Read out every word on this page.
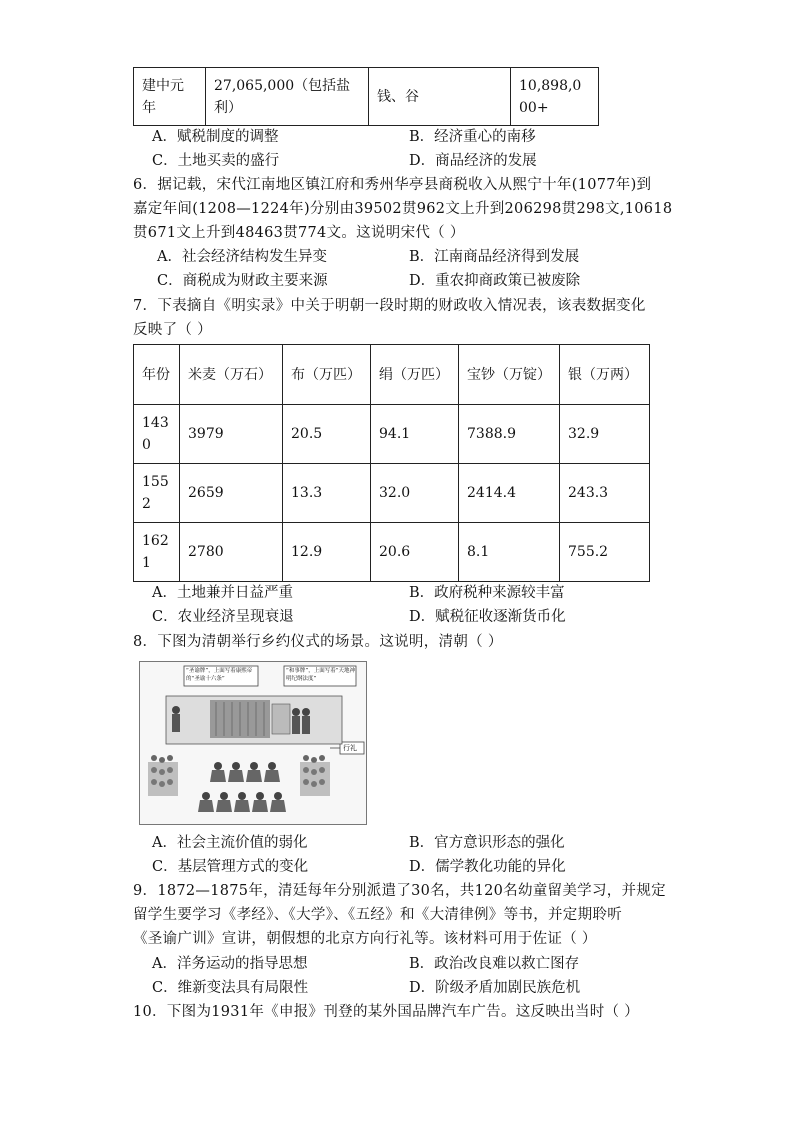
建中元年	27,065,000（包括盐利）	钱、谷	10,898,000+
A．赋税制度的调整	B．经济重心的南移
C．土地买卖的盛行	D．商品经济的发展
6．据记载，宋代江南地区镇江府和秀州华亭县商税收入从熙宁十年(1077年)到
嘉定年间(1208—1224年)分别由39502贯962文上升到206298贯298文,10618
贯671文上升到48463贯774文。这说明宋代（ ）
A．社会经济结构发生异变	B．江南商品经济得到发展
C．商税成为财政主要来源	D．重农抑商政策已被废除
7．下表摘自《明实录》中关于明朝一段时期的财政收入情况表，该表数据变化
反映了（ ）
年份	米麦（万石）	布（万匹）	绢（万匹）	宝钞（万锭）	银（万两）
1430	3979	20.5	94.1	7388.9	32.9
1552	2659	13.3	32.0	2414.4	243.3
1621	2780	12.9	20.6	8.1	755.2
A．土地兼并日益严重	B．政府税种来源较丰富
C．农业经济呈现衰退	D．赋税征收逐渐货币化
8．下图为清朝举行乡约仪式的场景。这说明，清朝（ ）
“圣谕牌”，上面写着康熙帝的“圣谕十六条”
“和事牌”，上面写着“天地神明纪纲法度”
行礼
A．社会主流价值的弱化	B．官方意识形态的强化
C．基层管理方式的变化	D．儒学教化功能的异化
9．1872—1875年，清廷每年分别派遣了30名，共120名幼童留美学习，并规定
留学生要学习《孝经》、《大学》、《五经》和《大清律例》等书，并定期聆听
《圣谕广训》宣讲，朝假想的北京方向行礼等。该材料可用于佐证（ ）
A．洋务运动的指导思想	B．政治改良难以救亡图存
C．维新变法具有局限性	D．阶级矛盾加剧民族危机
10．下图为1931年《申报》刊登的某外国品牌汽车广告。这反映出当时（ ）
